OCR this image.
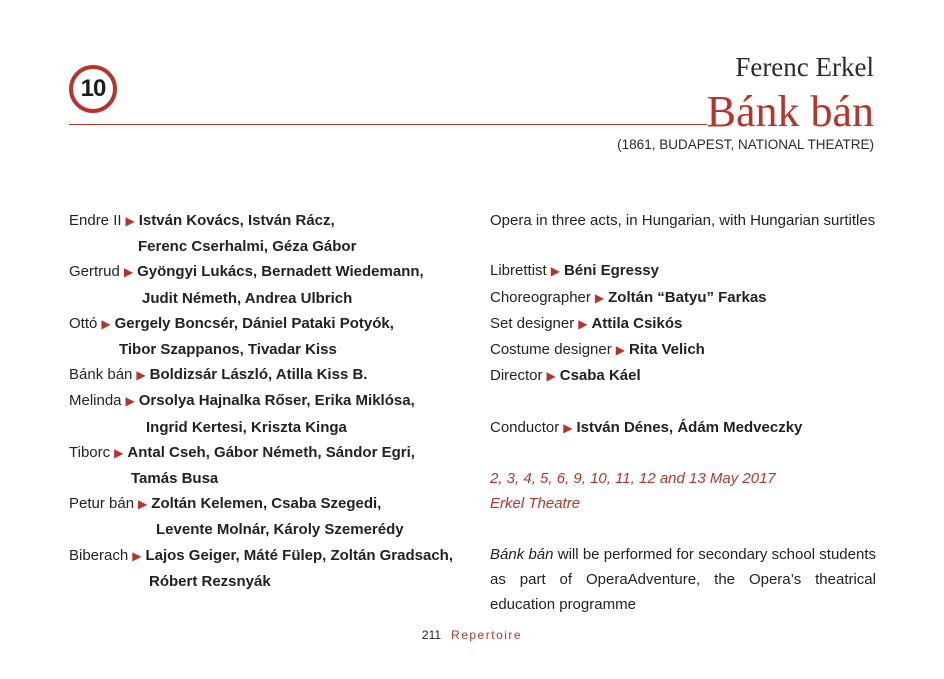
10
Ferenc Erkel
Bánk bán
(1861, BUDAPEST, NATIONAL THEATRE)
Endre II ▶ István Kovács, István Rácz,
Ferenc Cserhalmi, Géza Gábor
Gertrud ▶ Gyöngyi Lukács, Bernadett Wiedemann,
Judit Németh, Andrea Ulbrich
Ottó ▶ Gergely Boncsér, Dániel Pataki Potyók,
Tibor Szappanos, Tivadar Kiss
Bánk bán ▶ Boldizsár László, Atilla Kiss B.
Melinda ▶ Orsolya Hajnalka Rőser, Erika Miklósa,
Ingrid Kertesi, Kriszta Kinga
Tiborc ▶ Antal Cseh, Gábor Németh, Sándor Egri,
Tamás Busa
Petur bán ▶ Zoltán Kelemen, Csaba Szegedi,
Levente Molnár, Károly Szemerédy
Biberach ▶ Lajos Geiger, Máté Fülep, Zoltán Gradsach,
Róbert Rezsnyák
Opera in three acts, in Hungarian, with Hungarian surtitles
Librettist ▶ Béni Egressy
Choreographer ▶ Zoltán “Batyu” Farkas
Set designer ▶ Attila Csikós
Costume designer ▶ Rita Velich
Director ▶ Csaba Káel
Conductor ▶ István Dénes, Ádám Medveczky
2, 3, 4, 5, 6, 9, 10, 11, 12 and 13 May 2017
Erkel Theatre
Bánk bán will be performed for secondary school students as part of OperaAdventure, the Opera’s theatrical education programme
211 Repertoire
